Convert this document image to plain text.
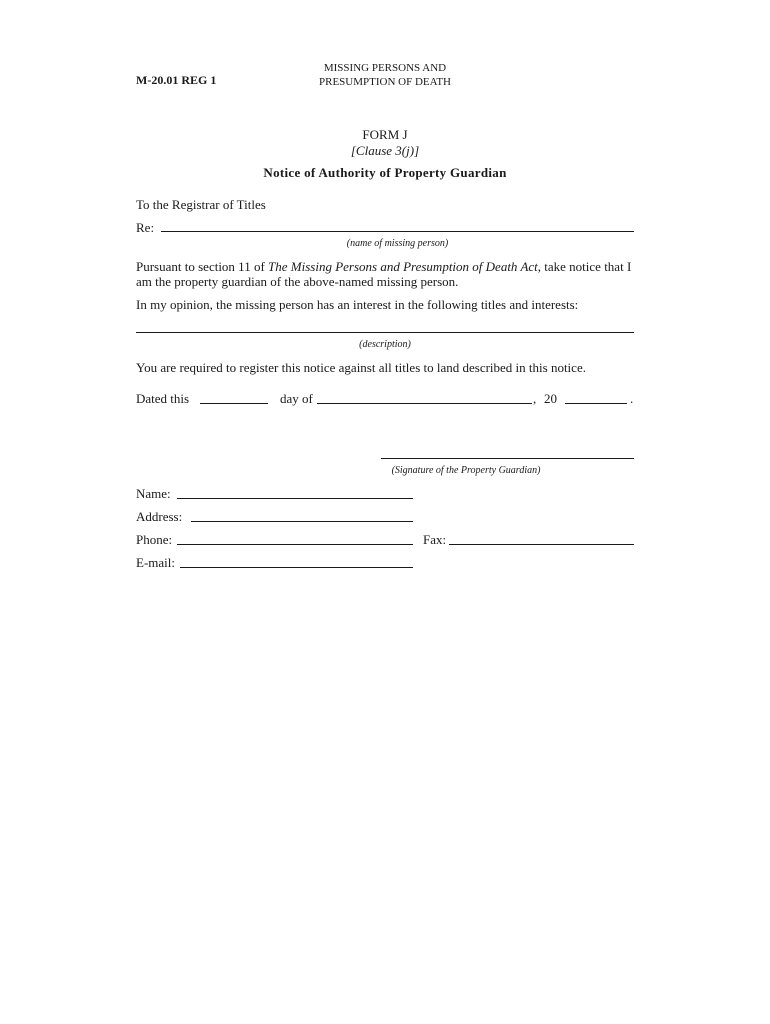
M-20.01 REG 1
MISSING PERSONS AND
PRESUMPTION OF DEATH
FORM J
[Clause 3(j)]
Notice of Authority of Property Guardian
To the Registrar of Titles
Re:
(name of missing person)
Pursuant to section 11 of The Missing Persons and Presumption of Death Act, take notice that I am the property guardian of the above-named missing person.
In my opinion, the missing person has an interest in the following titles and interests:
(description)
You are required to register this notice against all titles to land described in this notice.
Dated this	day of	, 20	.
(Signature of the Property Guardian)
Name:
Address:
Phone:	Fax:
E-mail:
